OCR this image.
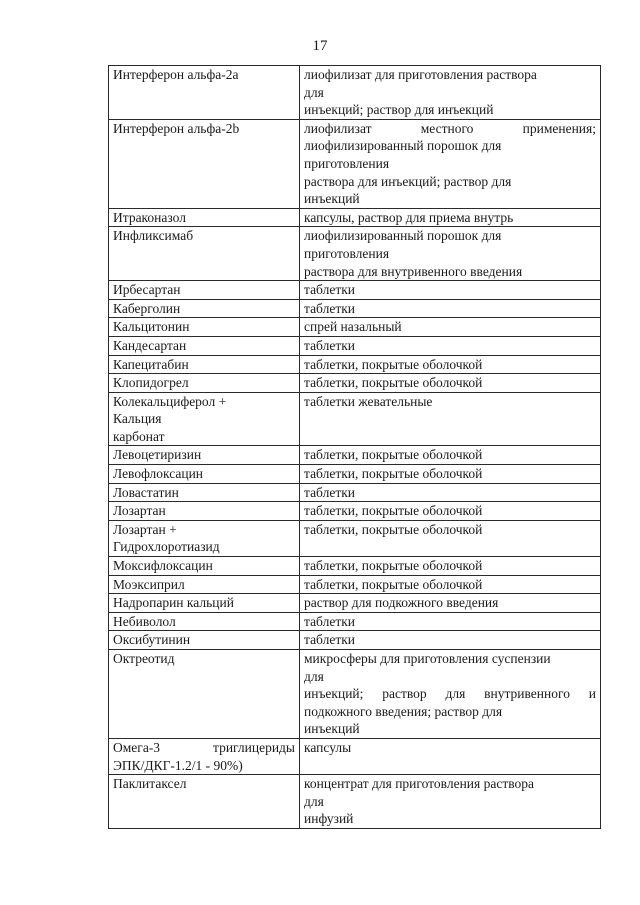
17
Интерферон альфа-2а	лиофилизат для приготовления раствора
для
инъекций; раствор для инъекций

Интерферон альфа-2b	лиофилизат местного применения;
лиофилизированный порошок для
приготовления
раствора для инъекций; раствор для
инъекций

Итраконазол	капсулы, раствор для приема внутрь

Инфликсимаб	лиофилизированный порошок для
приготовления
раствора для внутривенного введения

Ирбесартан	таблетки

Каберголин	таблетки

Кальцитонин	спрей назальный

Кандесартан	таблетки

Капецитабин	таблетки, покрытые оболочкой

Клопидогрел	таблетки, покрытые оболочкой

Колекальциферол +
Кальция
карбонат	таблетки жевательные

Левоцетиризин	таблетки, покрытые оболочкой

Левофлоксацин	таблетки, покрытые оболочкой

Ловастатин	таблетки

Лозартан	таблетки, покрытые оболочкой

Лозартан +
Гидрохлоротиазид	таблетки, покрытые оболочкой

Моксифлоксацин	таблетки, покрытые оболочкой

Моэксиприл	таблетки, покрытые оболочкой

Надропарин кальций	раствор для подкожного введения

Небиволол	таблетки

Оксибутинин	таблетки

Октреотид	микросферы для приготовления суспензии
для
инъекций; раствор для внутривенного и
подкожного введения; раствор для
инъекций

Омега-3 триглицериды
ЭПК/ДКГ-1.2/1 - 90%)	капсулы

Паклитаксел	концентрат для приготовления раствора
для
инфузий
